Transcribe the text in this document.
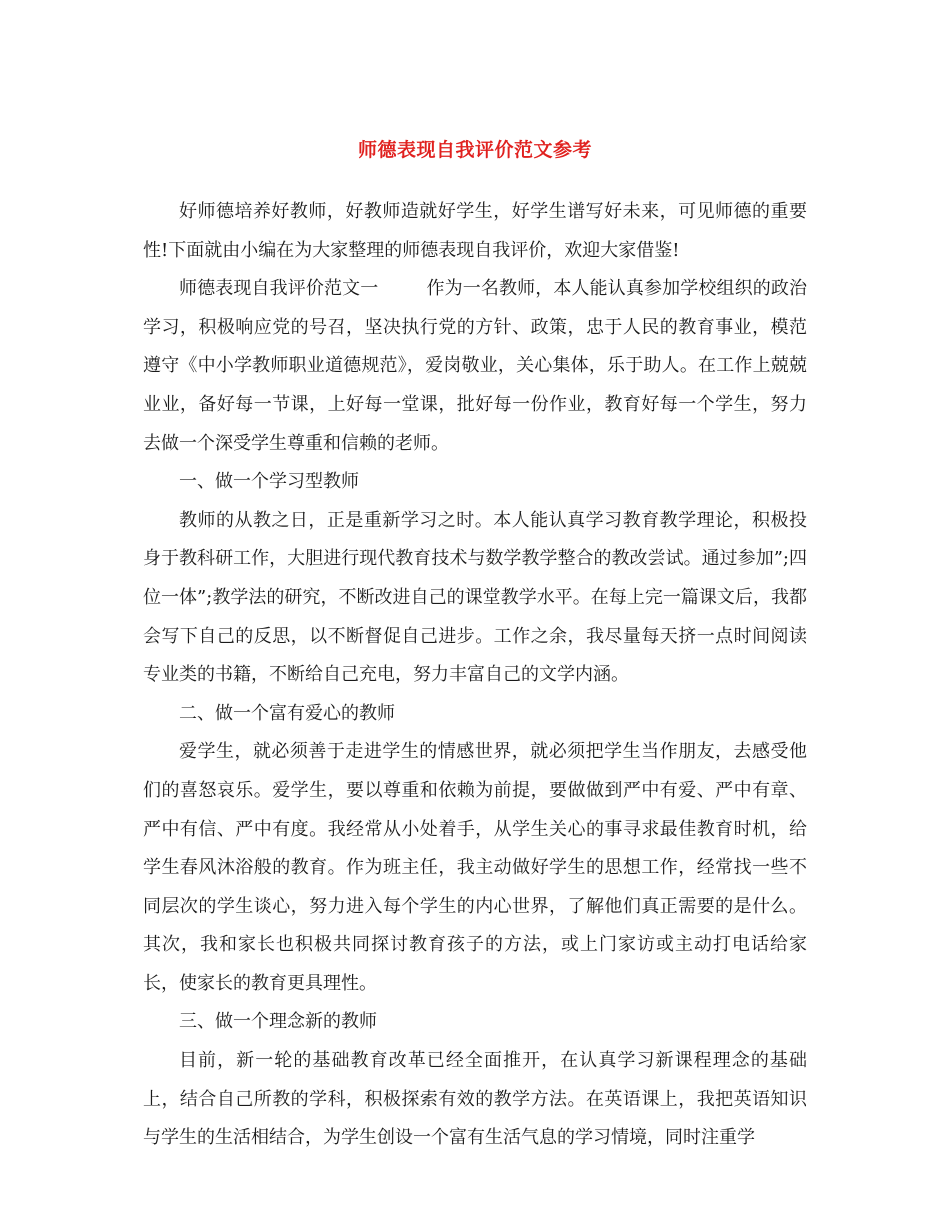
师德表现自我评价范文参考

好师德培养好教师，好教师造就好学生，好学生谱写好未来，可见师德的重要性!下面就由小编在为大家整理的师德表现自我评价，欢迎大家借鉴!

师德表现自我评价范文一	作为一名教师，本人能认真参加学校组织的政治学习，积极响应党的号召，坚决执行党的方针、政策，忠于人民的教育事业，模范遵守《中小学教师职业道德规范》，爱岗敬业，关心集体，乐于助人。在工作上兢兢业业，备好每一节课，上好每一堂课，批好每一份作业，教育好每一个学生，努力去做一个深受学生尊重和信赖的老师。

一、做一个学习型教师

教师的从教之日，正是重新学习之时。本人能认真学习教育教学理论，积极投身于教科研工作，大胆进行现代教育技术与数学教学整合的教改尝试。通过参加”;四位一体”;教学法的研究，不断改进自己的课堂教学水平。在每上完一篇课文后，我都会写下自己的反思，以不断督促自己进步。工作之余，我尽量每天挤一点时间阅读专业类的书籍，不断给自己充电，努力丰富自己的文学内涵。

二、做一个富有爱心的教师

爱学生，就必须善于走进学生的情感世界，就必须把学生当作朋友，去感受他们的喜怒哀乐。爱学生，要以尊重和依赖为前提，要做做到严中有爱、严中有章、严中有信、严中有度。我经常从小处着手，从学生关心的事寻求最佳教育时机，给学生春风沐浴般的教育。作为班主任，我主动做好学生的思想工作，经常找一些不同层次的学生谈心，努力进入每个学生的内心世界，了解他们真正需要的是什么。其次，我和家长也积极共同探讨教育孩子的方法，或上门家访或主动打电话给家长，使家长的教育更具理性。

三、做一个理念新的教师

目前，新一轮的基础教育改革已经全面推开，在认真学习新课程理念的基础上，结合自己所教的学科，积极探索有效的教学方法。在英语课上，我把英语知识与学生的生活相结合，为学生创设一个富有生活气息的学习情境，同时注重学
